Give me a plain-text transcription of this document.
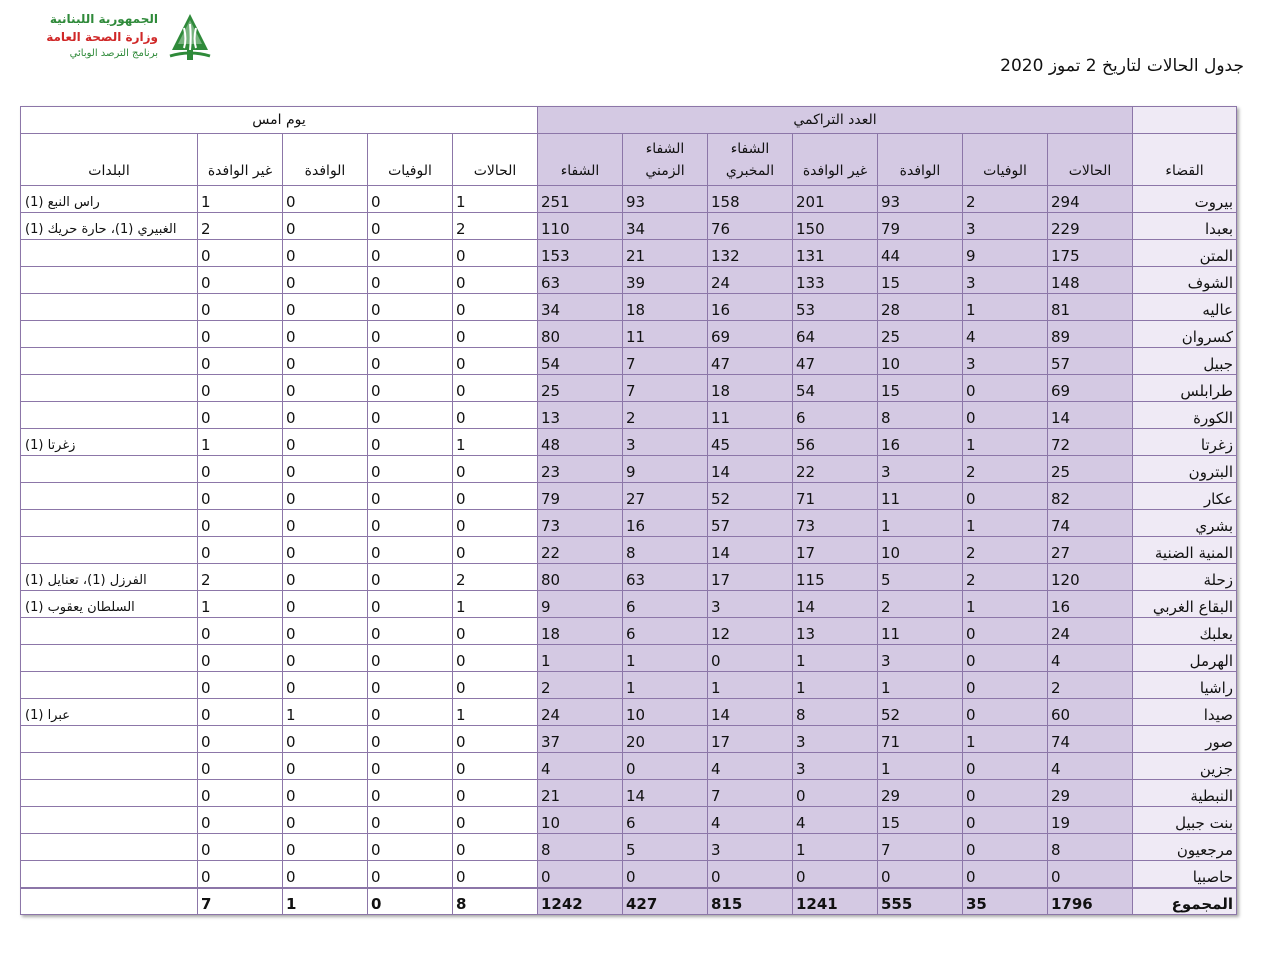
الجمهورية اللبنانية
وزارة الصحة العامة
برنامج الترصد الوبائي
جدول الحالات لتاريخ 2 تموز 2020
	العدد التراكمي							يوم امس				
القضاء	الحالات	الوفيات	الوافدة	غير الوافدة	الشفاء المخبري	الشفاء الزمني	الشفاء	الحالات	الوفيات	الوافدة	غير الوافدة	البلدات
بيروت	294	2	93	201	158	93	251	1	0	0	1	راس النبع (1)
بعبدا	229	3	79	150	76	34	110	2	0	0	2	الغبيري (1)، حارة حريك (1)
المتن	175	9	44	131	132	21	153	0	0	0	0	
الشوف	148	3	15	133	24	39	63	0	0	0	0	
عاليه	81	1	28	53	16	18	34	0	0	0	0	
كسروان	89	4	25	64	69	11	80	0	0	0	0	
جبيل	57	3	10	47	47	7	54	0	0	0	0	
طرابلس	69	0	15	54	18	7	25	0	0	0	0	
الكورة	14	0	8	6	11	2	13	0	0	0	0	
زغرتا	72	1	16	56	45	3	48	1	0	0	1	زغرتا (1)
البترون	25	2	3	22	14	9	23	0	0	0	0	
عكار	82	0	11	71	52	27	79	0	0	0	0	
بشري	74	1	1	73	57	16	73	0	0	0	0	
المنية الضنية	27	2	10	17	14	8	22	0	0	0	0	
زحلة	120	2	5	115	17	63	80	2	0	0	2	الفرزل (1)، تعنايل (1)
البقاع الغربي	16	1	2	14	3	6	9	1	0	0	1	السلطان يعقوب (1)
بعلبك	24	0	11	13	12	6	18	0	0	0	0	
الهرمل	4	0	3	1	0	1	1	0	0	0	0	
راشيا	2	0	1	1	1	1	2	0	0	0	0	
صيدا	60	0	52	8	14	10	24	1	0	1	0	عبرا (1)
صور	74	1	71	3	17	20	37	0	0	0	0	
جزين	4	0	1	3	4	0	4	0	0	0	0	
النبطية	29	0	29	0	7	14	21	0	0	0	0	
بنت جبيل	19	0	15	4	4	6	10	0	0	0	0	
مرجعيون	8	0	7	1	3	5	8	0	0	0	0	
حاصبيا	0	0	0	0	0	0	0	0	0	0	0	
المجموع	1796	35	555	1241	815	427	1242	8	0	1	7	
